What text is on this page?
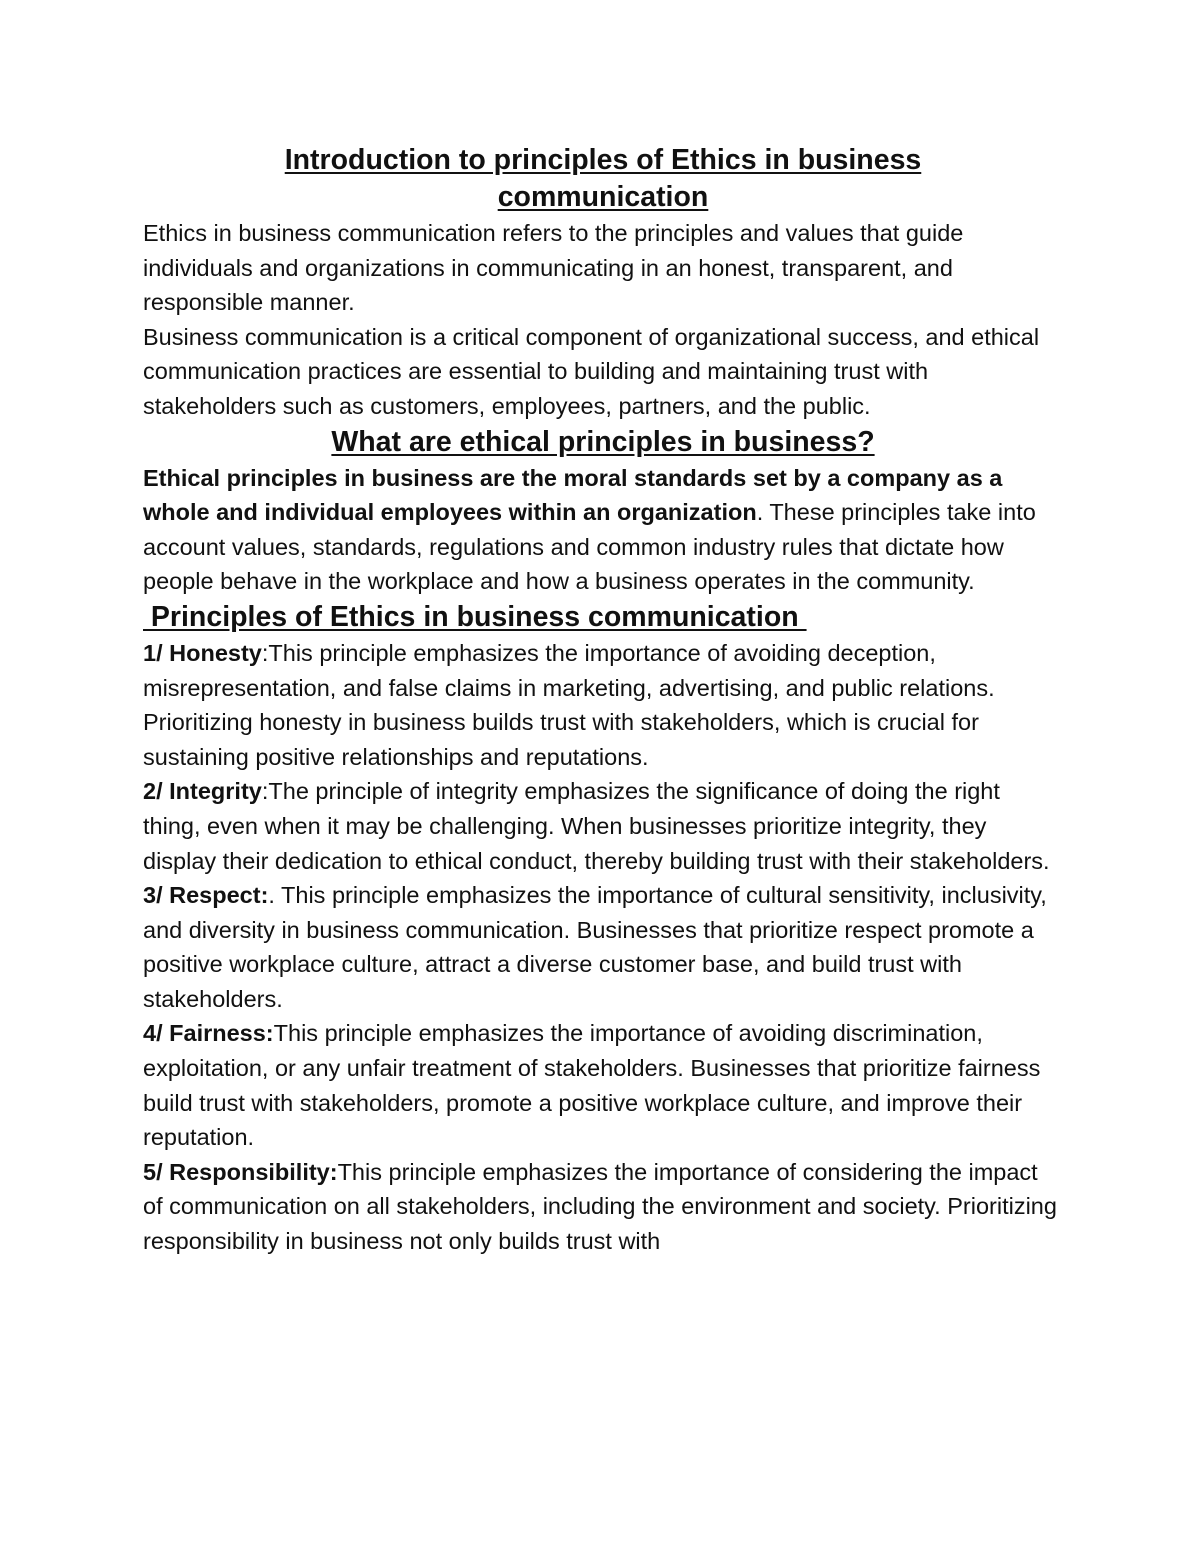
Introduction to principles of Ethics in business
communication

Ethics in business communication refers to the principles and values that guide individuals and organizations in communicating in an honest, transparent, and responsible manner.

Business communication is a critical component of organizational success, and ethical communication practices are essential to building and maintaining trust with stakeholders such as customers, employees, partners, and the public.

What are ethical principles in business?

Ethical principles in business are the moral standards set by a company as a whole and individual employees within an organization. These principles take into account values, standards, regulations and common industry rules that dictate how people behave in the workplace and how a business operates in the community.

Principles of Ethics in business communication

1/ Honesty:This principle emphasizes the importance of avoiding deception, misrepresentation, and false claims in marketing, advertising, and public relations. Prioritizing honesty in business builds trust with stakeholders, which is crucial for sustaining positive relationships and reputations.

2/ Integrity:The principle of integrity emphasizes the significance of doing the right thing, even when it may be challenging. When businesses prioritize integrity, they display their dedication to ethical conduct, thereby building trust with their stakeholders.

3/ Respect:. This principle emphasizes the importance of cultural sensitivity, inclusivity, and diversity in business communication. Businesses that prioritize respect promote a positive workplace culture, attract a diverse customer base, and build trust with stakeholders.

4/ Fairness:This principle emphasizes the importance of avoiding discrimination, exploitation, or any unfair treatment of stakeholders. Businesses that prioritize fairness build trust with stakeholders, promote a positive workplace culture, and improve their reputation.

5/ Responsibility:This principle emphasizes the importance of considering the impact of communication on all stakeholders, including the environment and society. Prioritizing responsibility in business not only builds trust with
